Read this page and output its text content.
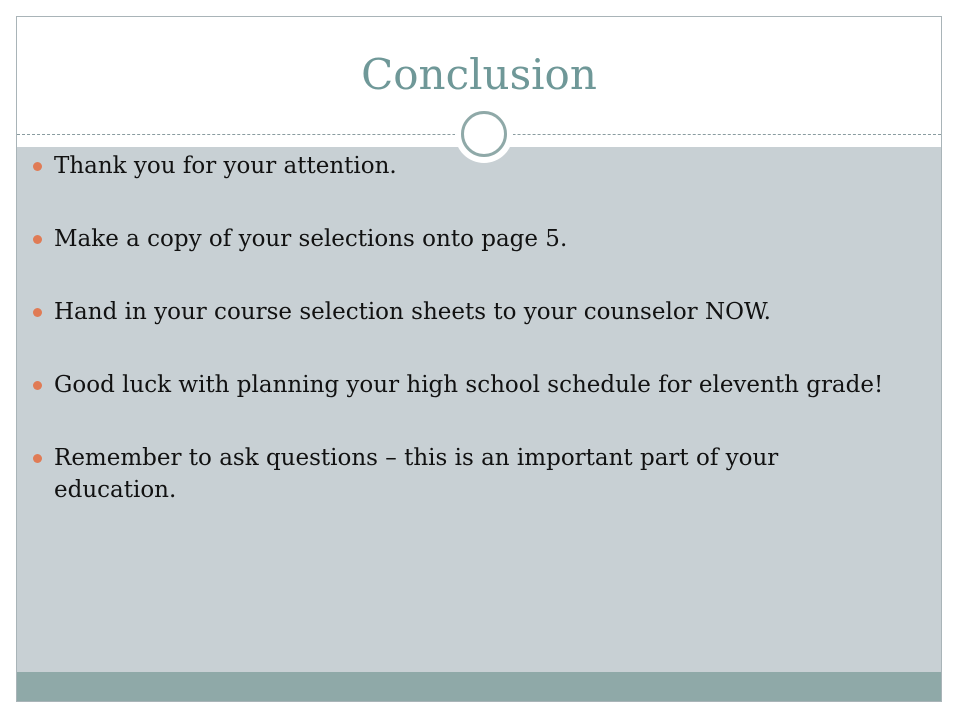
Conclusion
Thank you for your attention.
Make a copy of your selections onto page 5.
Hand in your course selection sheets to your counselor NOW.
Good luck with planning your high school schedule for eleventh grade!
Remember to ask questions – this is an important part of your education.
